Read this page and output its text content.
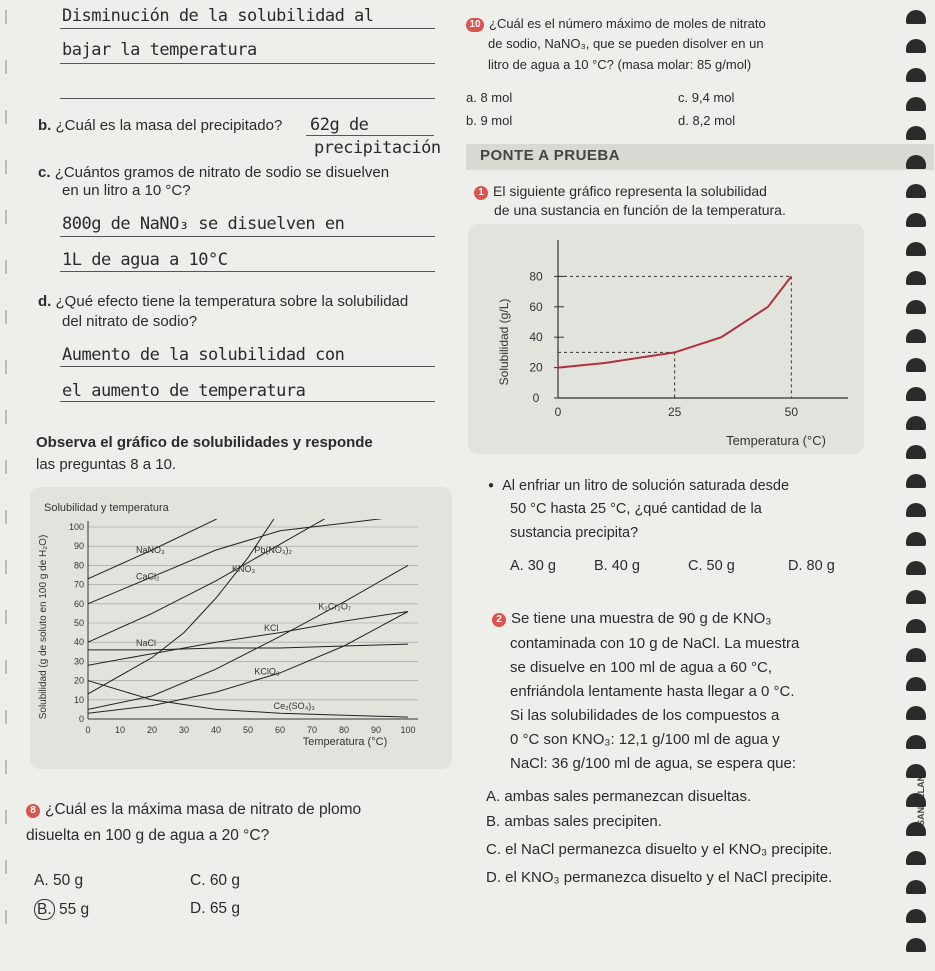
Disminución de la solubilidad al
bajar la temperatura
b. ¿Cuál es la masa del precipitado? 62g de
precipitación
c. ¿Cuántos gramos de nitrato de sodio se disuelven
en un litro a 10 °C?
800g de NaNO₃ se disuelven en
1L de agua a 10°C
d. ¿Qué efecto tiene la temperatura sobre la solubilidad
del nitrato de sodio?
Aumento de la solubilidad con
el aumento de temperatura
Observa el gráfico de solubilidades y responde
las preguntas 8 a 10.
Solubilidad y temperatura
NaNO₃	Pb(NO₃)₂
CaCl₂
K₂Cr₂O₇
KNO₃
KCl
NaCl
KClO₃
Ce₂(SO₄)₃
0
10
20
30
40
50
60
70
80
90
100
0	10 20 30 40 50 60 70 80 90 100
Temperatura (°C)
Solubilidad (g de soluto en 100 g de H₂O)
8 ¿Cuál es la máxima masa de nitrato de plomo
disuelta en 100 g de agua a 20 °C?
A. 50 g	C. 60 g
B. 55 g	D. 65 g
10 ¿Cuál es el número máximo de moles de nitrato
de sodio, NaNO₃, que se pueden disolver en un
litro de agua a 10 °C? (masa molar: 85 g/mol)
a. 8 mol	c. 9,4 mol
b. 9 mol	d. 8,2 mol
PONTE A PRUEBA
1 El siguiente gráfico representa la solubilidad
de una sustancia en función de la temperatura.
0
20
40
60
80
0	25	50
Temperatura (°C)
Solubilidad (g/L)
● Al enfriar un litro de solución saturada desde
50 °C hasta 25 °C, ¿qué cantidad de la
sustancia precipita?
A. 30 g	B. 40 g	C. 50 g	D. 80 g
2 Se tiene una muestra de 90 g de KNO₃
contaminada con 10 g de NaCl. La muestra
se disuelve en 100 ml de agua a 60 °C,
enfriándola lentamente hasta llegar a 0 °C.
Si las solubilidades de los compuestos a
0 °C son KNO₃: 12,1 g/100 ml de agua y
NaCl: 36 g/100 ml de agua, se espera que:
A. ambas sales permanezcan disueltas.
B. ambas sales precipiten.
C. el NaCl permanezca disuelto y el KNO₃ precipite.
D. el KNO₃ permanezca disuelto y el NaCl precipite.
